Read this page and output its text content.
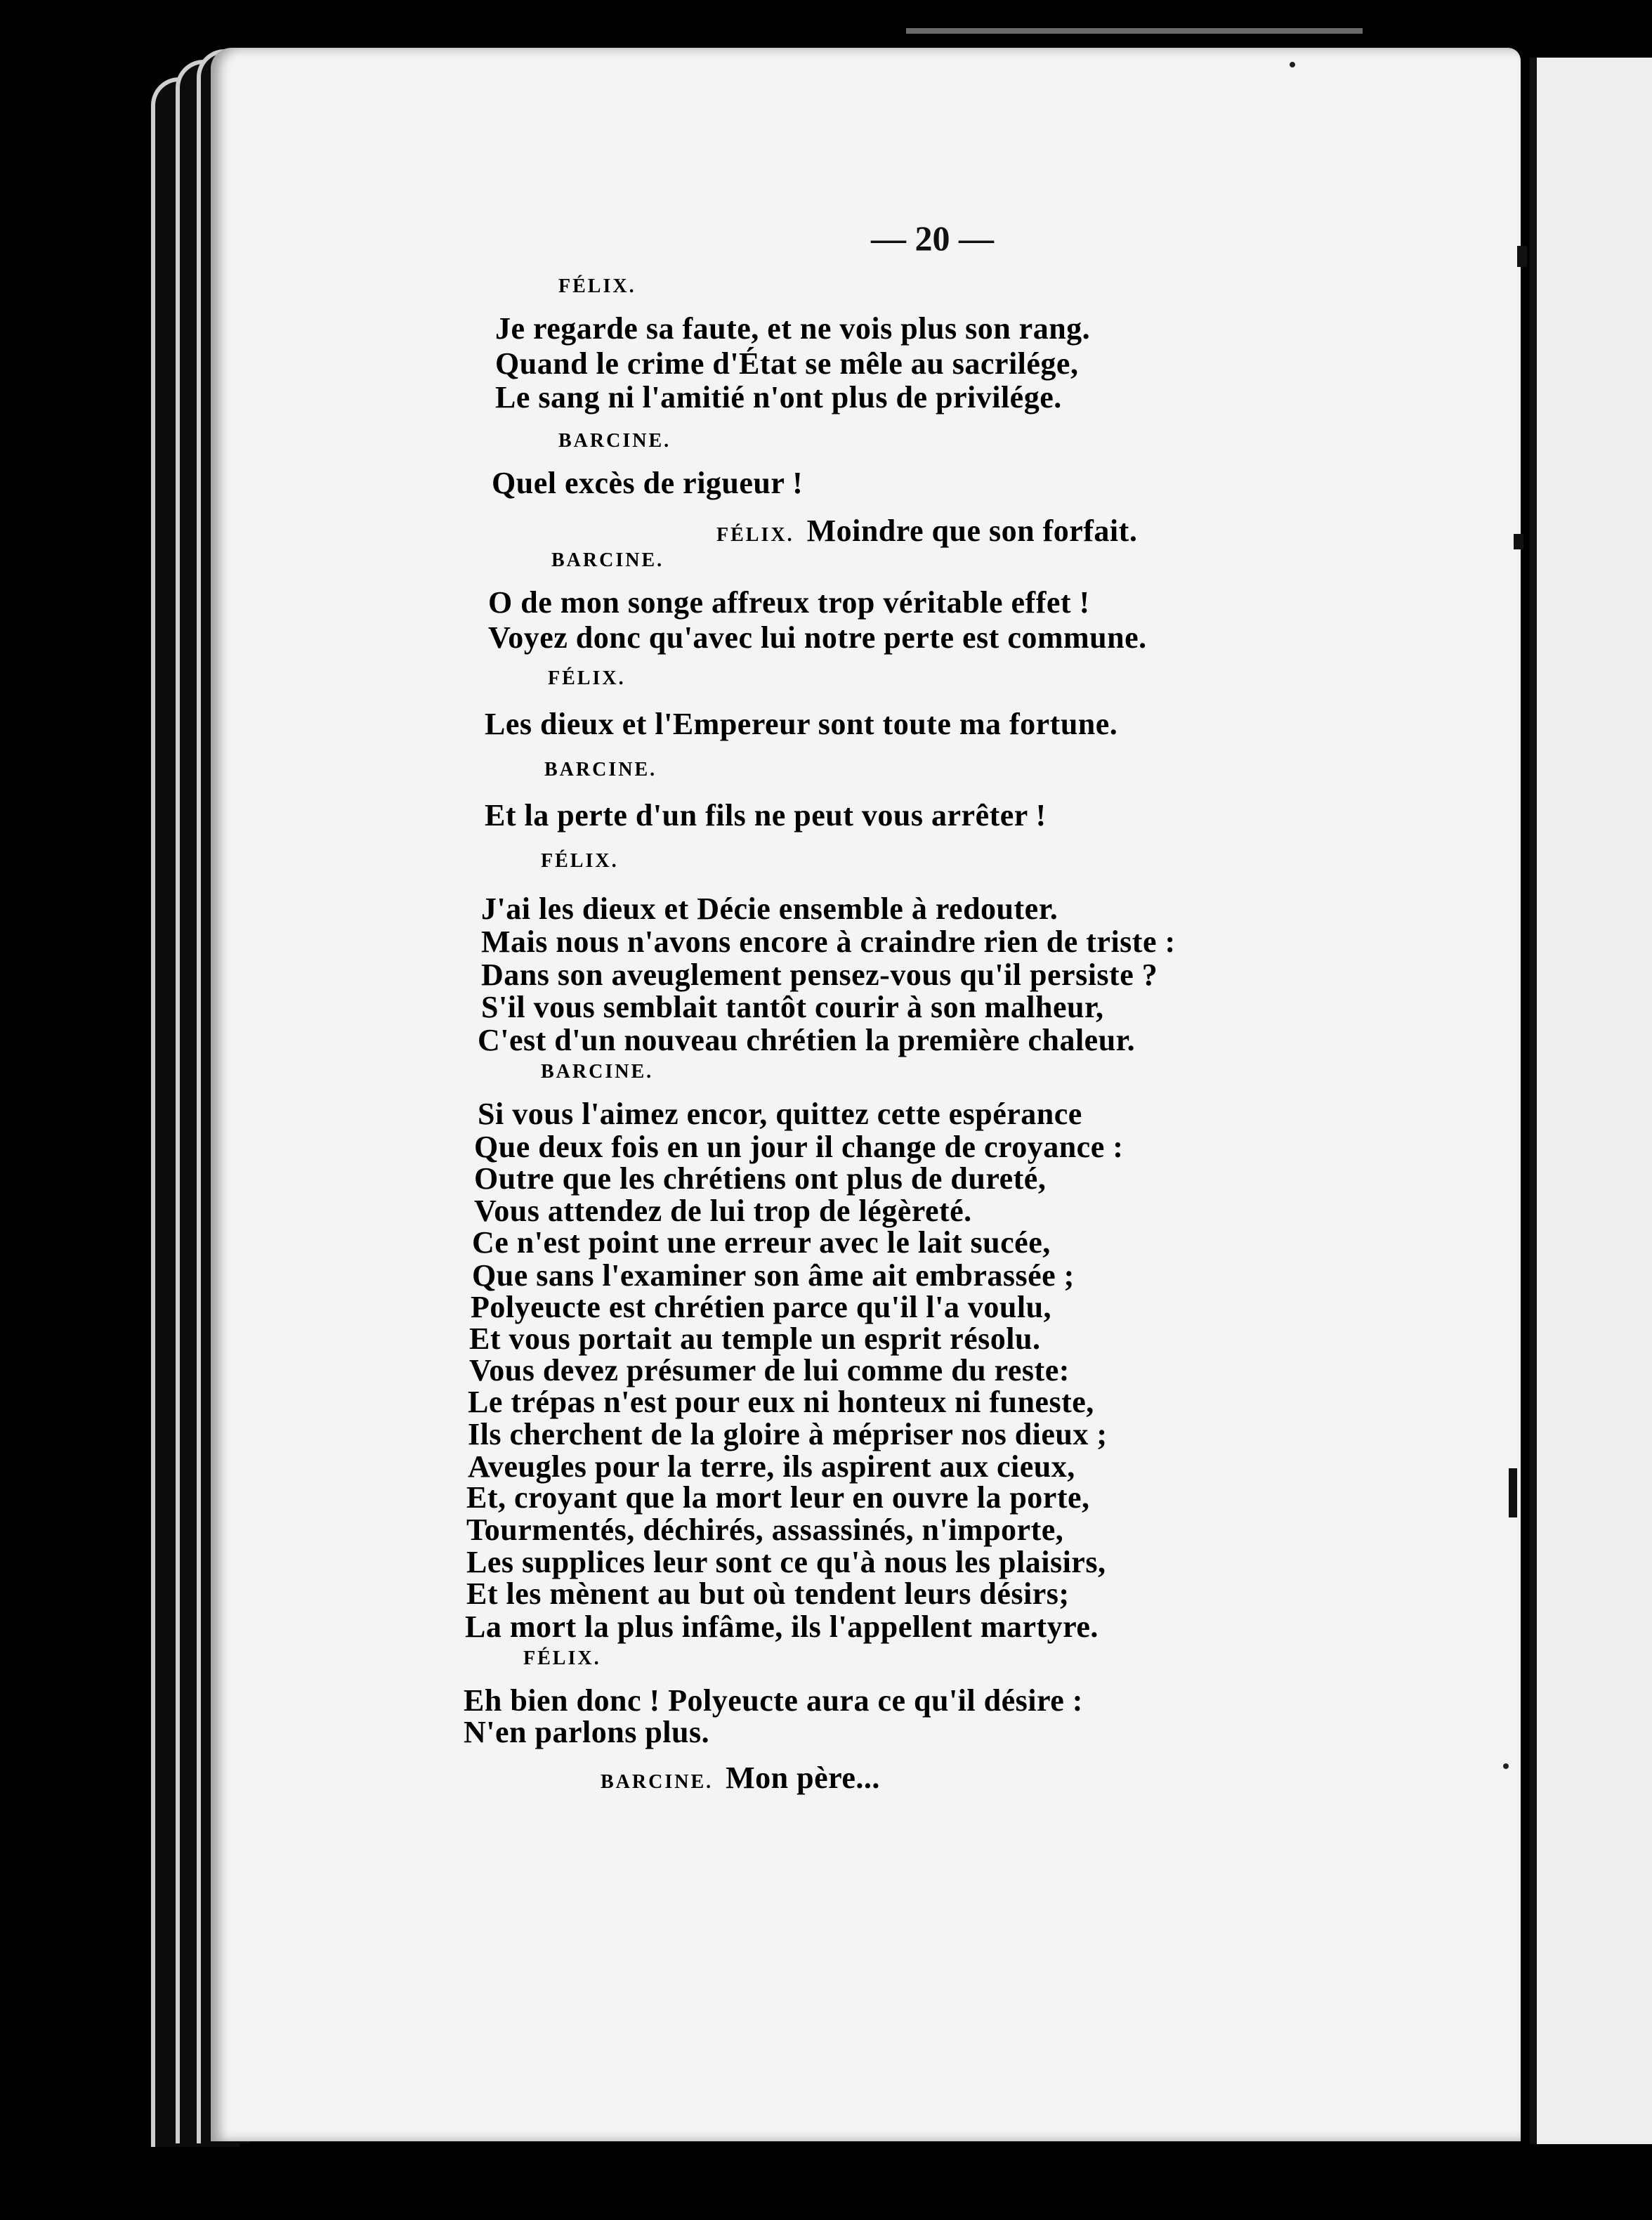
— 20 —
FÉLIX.
Je regarde sa faute, et ne vois plus son rang.
Quand le crime d'État se mêle au sacrilége,
Le sang ni l'amitié n'ont plus de privilége.
BARCINE.
Quel excès de rigueur !
FÉLIX. Moindre que son forfait.
BARCINE.
O de mon songe affreux trop véritable effet !
Voyez donc qu'avec lui notre perte est commune.
FÉLIX.
Les dieux et l'Empereur sont toute ma fortune.
BARCINE.
Et la perte d'un fils ne peut vous arrêter !
FÉLIX.
J'ai les dieux et Décie ensemble à redouter.
Mais nous n'avons encore à craindre rien de triste :
Dans son aveuglement pensez-vous qu'il persiste ?
S'il vous semblait tantôt courir à son malheur,
C'est d'un nouveau chrétien la première chaleur.
BARCINE.
Si vous l'aimez encor, quittez cette espérance
Que deux fois en un jour il change de croyance :
Outre que les chrétiens ont plus de dureté,
Vous attendez de lui trop de légèreté.
Ce n'est point une erreur avec le lait sucée,
Que sans l'examiner son âme ait embrassée ;
Polyeucte est chrétien parce qu'il l'a voulu,
Et vous portait au temple un esprit résolu.
Vous devez présumer de lui comme du reste:
Le trépas n'est pour eux ni honteux ni funeste,
Ils cherchent de la gloire à mépriser nos dieux ;
Aveugles pour la terre, ils aspirent aux cieux,
Et, croyant que la mort leur en ouvre la porte,
Tourmentés, déchirés, assassinés, n'importe,
Les supplices leur sont ce qu'à nous les plaisirs,
Et les mènent au but où tendent leurs désirs;
La mort la plus infâme, ils l'appellent martyre.
FÉLIX.
Eh bien donc ! Polyeucte aura ce qu'il désire :
N'en parlons plus.
BARCINE. Mon père...
